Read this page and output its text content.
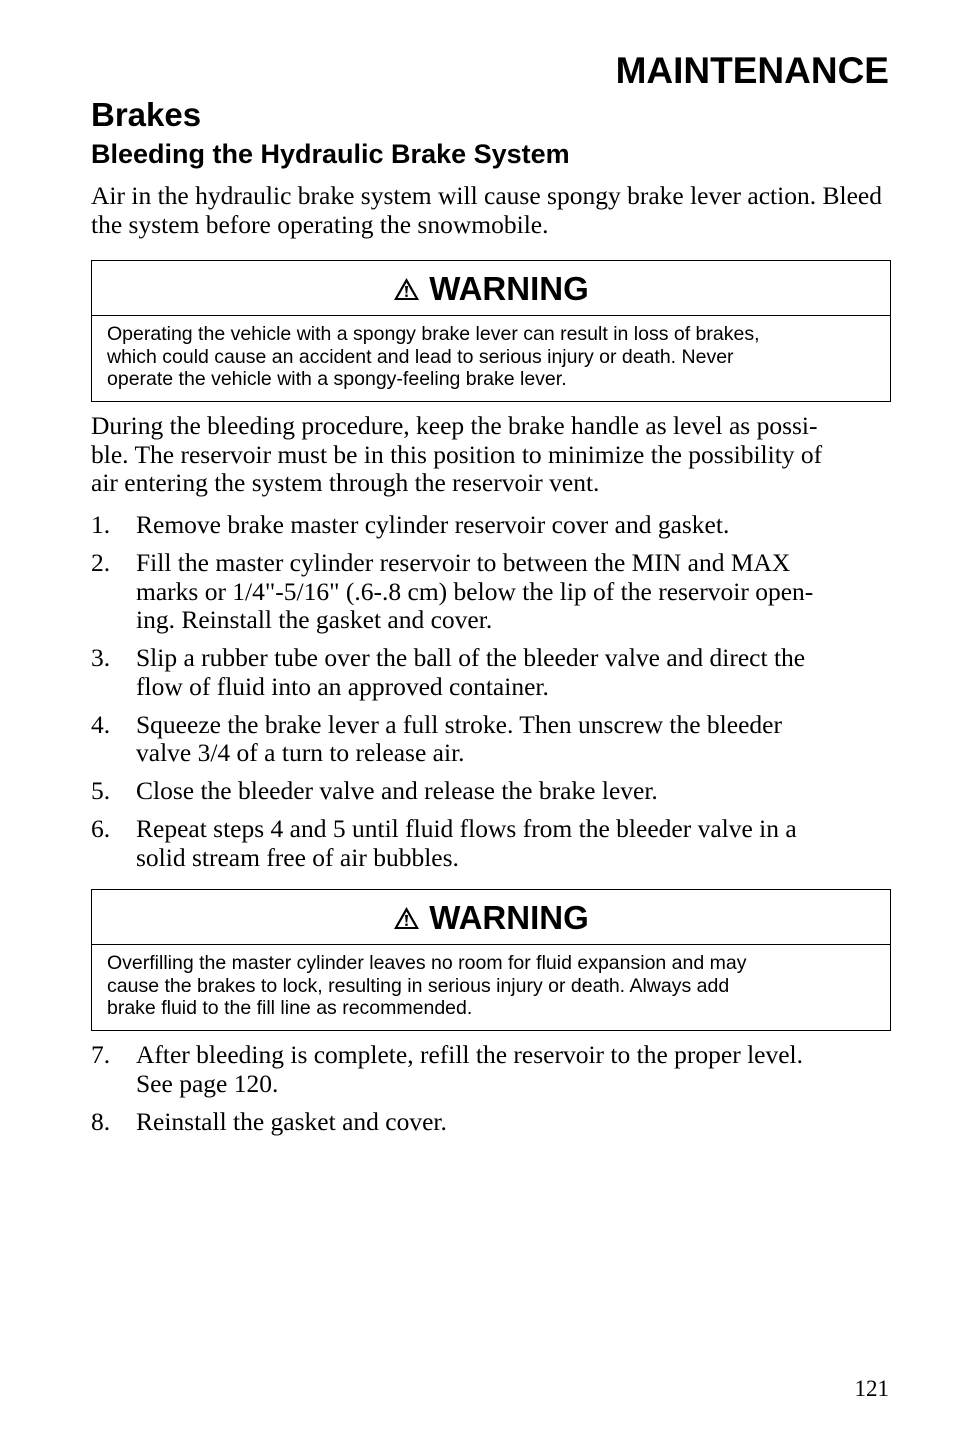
MAINTENANCE
Brakes
Bleeding the Hydraulic Brake System

Air in the hydraulic brake system will cause spongy brake lever action. Bleed the system before operating the snowmobile.

WARNING
Operating the vehicle with a spongy brake lever can result in loss of brakes,
which could cause an accident and lead to serious injury or death. Never
operate the vehicle with a spongy-feeling brake lever.
During the bleeding procedure, keep the brake handle as level as possi-
ble. The reservoir must be in this position to minimize the possibility of
air entering the system through the reservoir vent.
1. Remove brake master cylinder reservoir cover and gasket.
2. Fill the master cylinder reservoir to between the MIN and MAX
marks or 1/4"-5/16" (.6-.8 cm) below the lip of the reservoir open-
ing. Reinstall the gasket and cover.
3. Slip a rubber tube over the ball of the bleeder valve and direct the
flow of fluid into an approved container.
4. Squeeze the brake lever a full stroke. Then unscrew the bleeder
valve 3/4 of a turn to release air.
5. Close the bleeder valve and release the brake lever.
6. Repeat steps 4 and 5 until fluid flows from the bleeder valve in a
solid stream free of air bubbles.
WARNING
Overfilling the master cylinder leaves no room for fluid expansion and may
cause the brakes to lock, resulting in serious injury or death. Always add
brake fluid to the fill line as recommended.
7. After bleeding is complete, refill the reservoir to the proper level.
See page 120.
8. Reinstall the gasket and cover.

121
